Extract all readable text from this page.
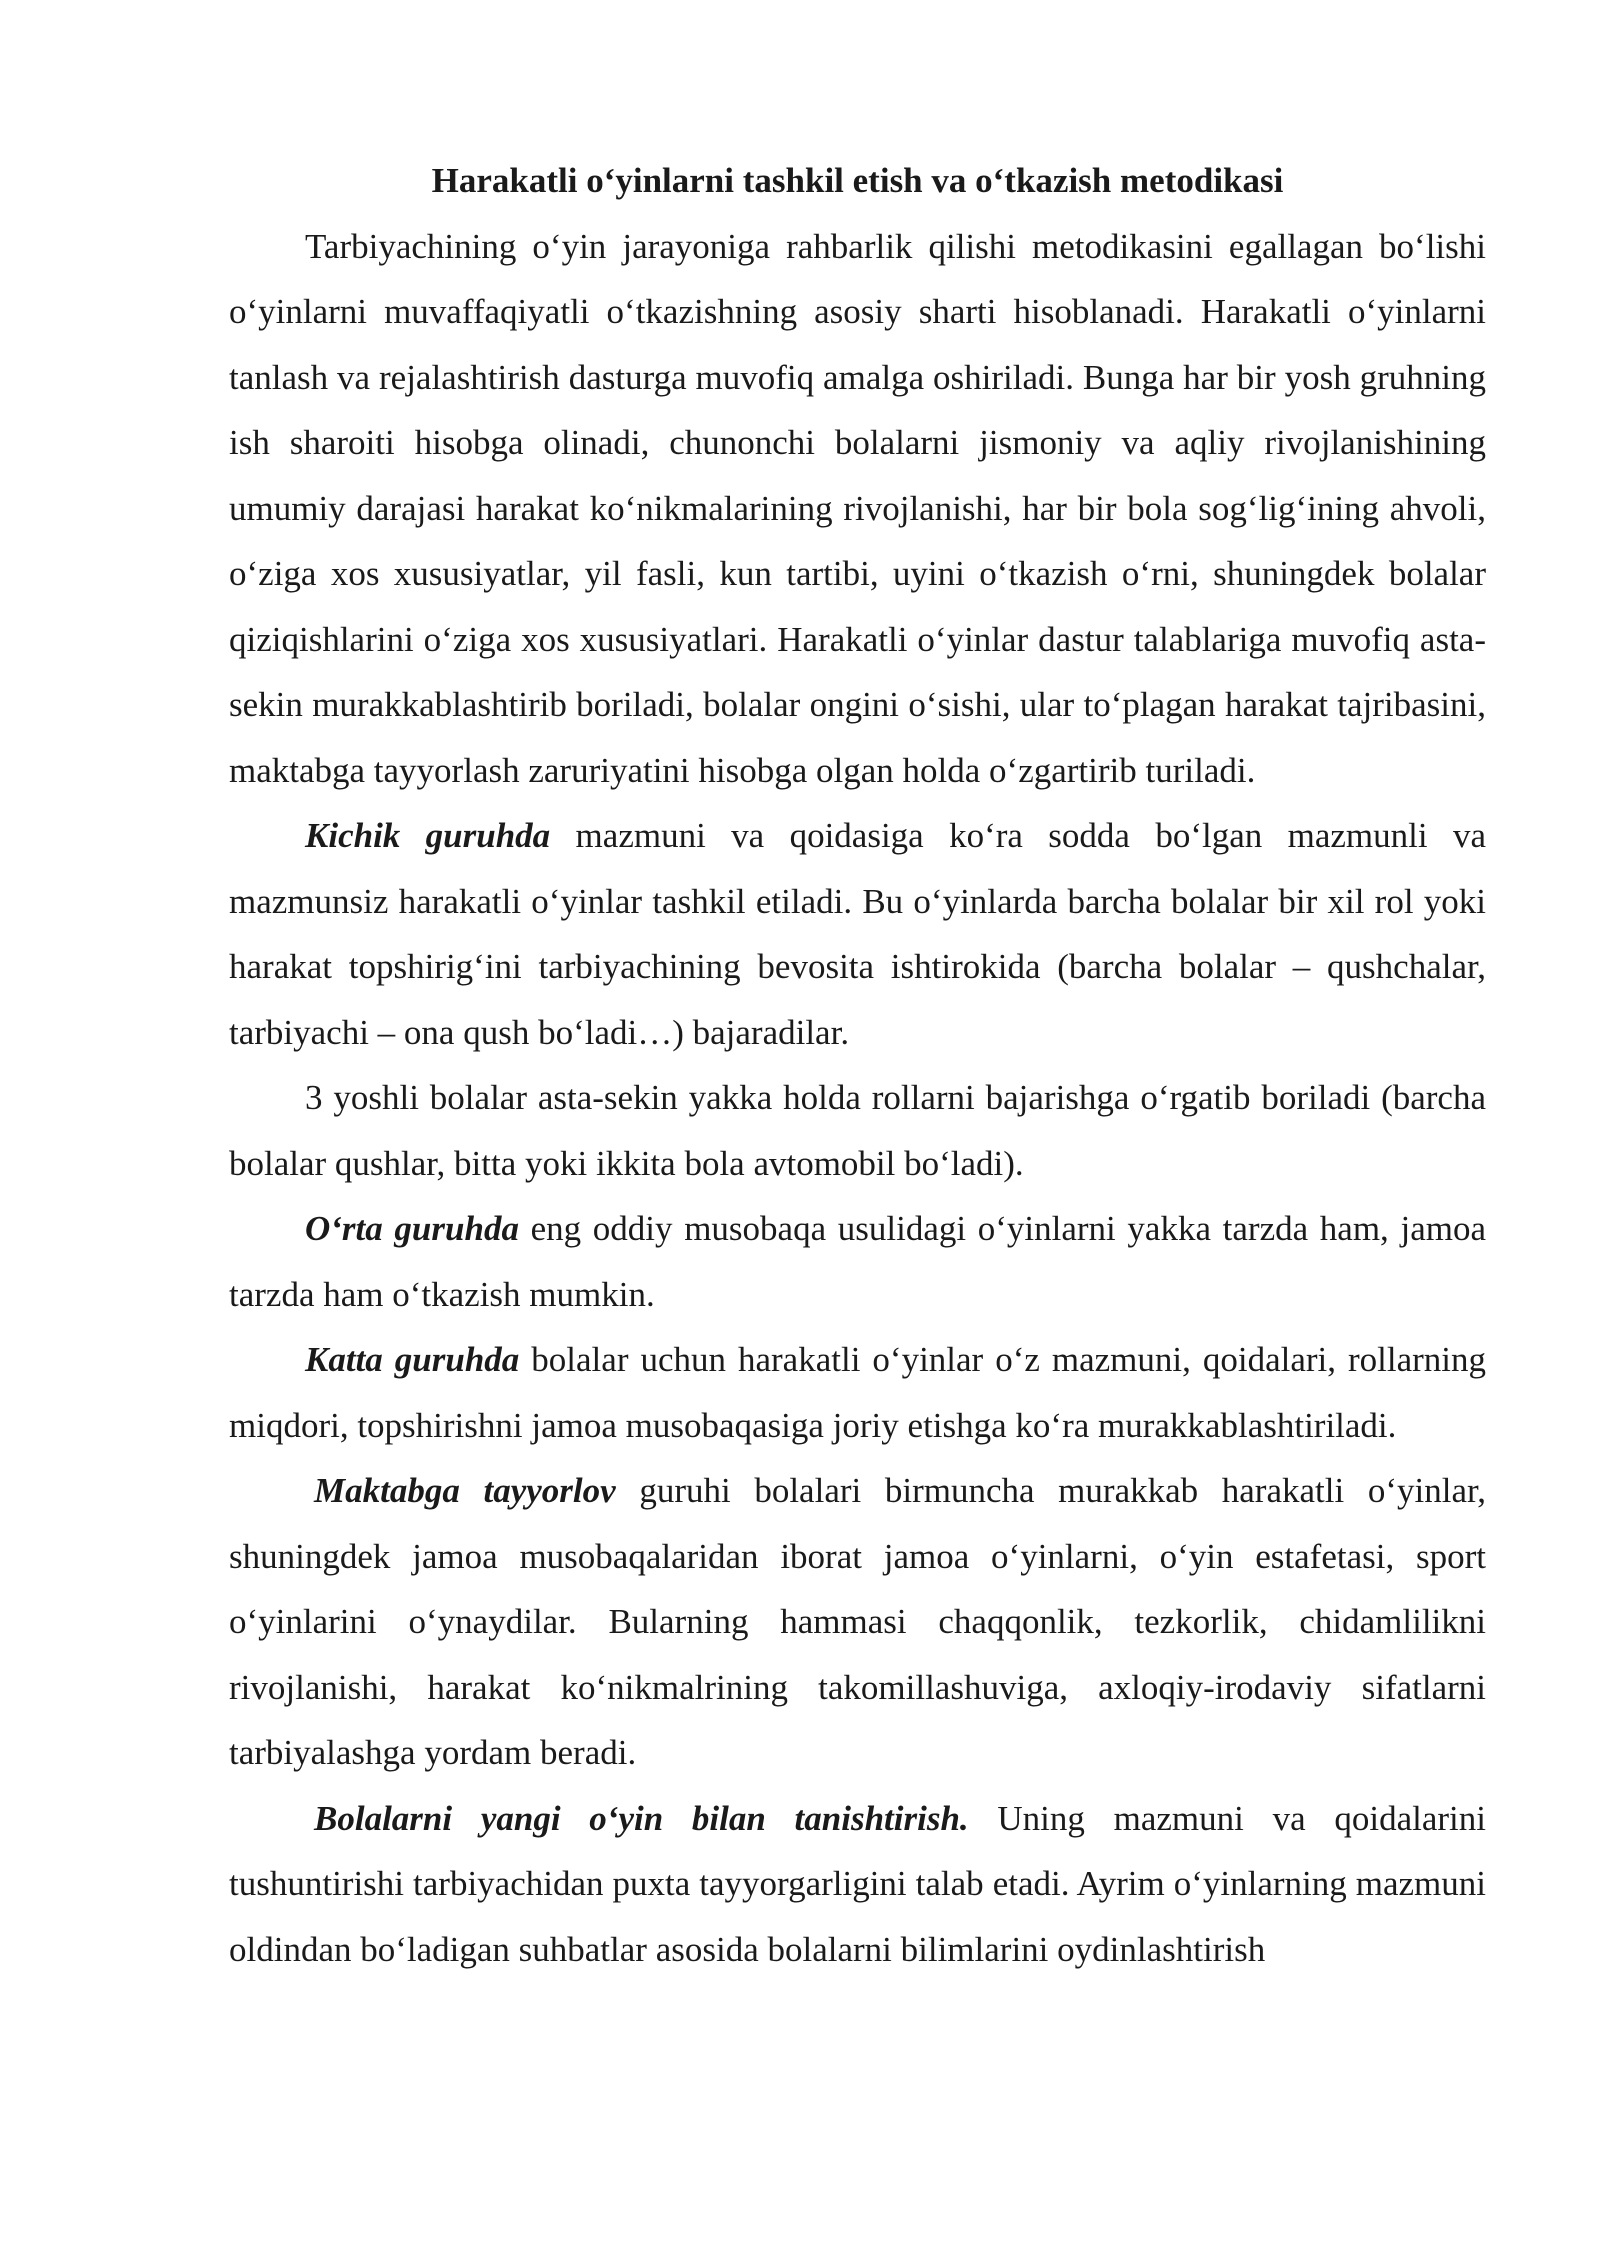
Harakatli o‘yinlarni tashkil etish va o‘tkazish metodikasi

Tarbiyachining o‘yin jarayoniga rahbarlik qilishi metodikasini egallagan bo‘lishi o‘yinlarni muvaffaqiyatli o‘tkazishning asosiy sharti hisoblanadi. Harakatli o‘yinlarni tanlash va rejalashtirish dasturga muvofiq amalga oshiriladi. Bunga har bir yosh gruhning ish sharoiti hisobga olinadi, chunonchi bolalarni jismoniy va aqliy rivojlanishining umumiy darajasi harakat ko‘nikmalarining rivojlanishi, har bir bola sog‘lig‘ining ahvoli, o‘ziga xos xususiyatlar, yil fasli, kun tartibi, uyini o‘tkazish o‘rni, shuningdek bolalar qiziqishlarini o‘ziga xos xususiyatlari. Harakatli o‘yinlar dastur talablariga muvofiq asta-sekin murakkablashtirib boriladi, bolalar ongini o‘sishi, ular to‘plagan harakat tajribasini, maktabga tayyorlash zaruriyatini hisobga olgan holda o‘zgartirib turiladi.

Kichik guruhda mazmuni va qoidasiga ko‘ra sodda bo‘lgan mazmunli va mazmunsiz harakatli o‘yinlar tashkil etiladi. Bu o‘yinlarda barcha bolalar bir xil rol yoki harakat topshirig‘ini tarbiyachining bevosita ishtirokida (barcha bolalar – qushchalar, tarbiyachi – ona qush bo‘ladi…) bajaradilar.

3 yoshli bolalar asta-sekin yakka holda rollarni bajarishga o‘rgatib boriladi (barcha bolalar qushlar, bitta yoki ikkita bola avtomobil bo‘ladi).

O‘rta guruhda eng oddiy musobaqa usulidagi o‘yinlarni yakka tarzda ham, jamoa tarzda ham o‘tkazish mumkin.

Katta guruhda bolalar uchun harakatli o‘yinlar o‘z mazmuni, qoidalari, rollarning miqdori, topshirishni jamoa musobaqasiga joriy etishga ko‘ra murakkablashtiriladi.

Maktabga tayyorlov guruhi bolalari birmuncha murakkab harakatli o‘yinlar, shuningdek jamoa musobaqalaridan iborat jamoa o‘yinlarni, o‘yin estafetasi, sport o‘yinlarini o‘ynaydilar. Bularning hammasi chaqqonlik, tezkorlik, chidamlilikni rivojlanishi, harakat ko‘nikmalrining takomillashuviga, axloqiy-irodaviy sifatlarni tarbiyalashga yordam beradi.

Bolalarni yangi o‘yin bilan tanishtirish. Uning mazmuni va qoidalarini tushuntirishi tarbiyachidan puxta tayyorgarligini talab etadi. Ayrim o‘yinlarning mazmuni oldindan bo‘ladigan suhbatlar asosida bolalarni bilimlarini oydinlashtirish
